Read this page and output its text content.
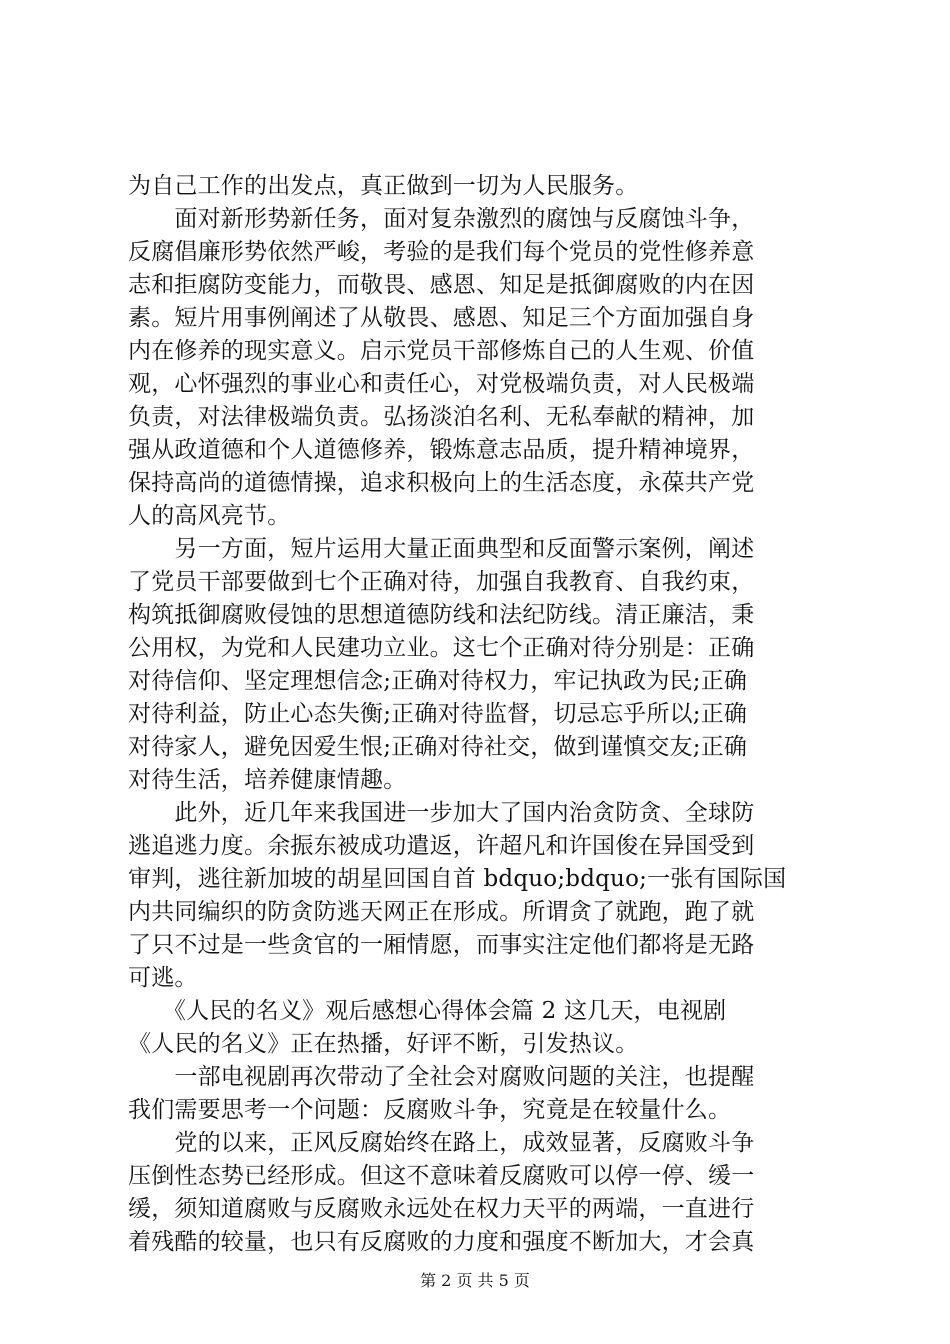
为自己工作的出发点，真正做到一切为人民服务。
　　面对新形势新任务，面对复杂激烈的腐蚀与反腐蚀斗争，
反腐倡廉形势依然严峻，考验的是我们每个党员的党性修养意
志和拒腐防变能力，而敬畏、感恩、知足是抵御腐败的内在因
素。短片用事例阐述了从敬畏、感恩、知足三个方面加强自身
内在修养的现实意义。启示党员干部修炼自己的人生观、价值
观，心怀强烈的事业心和责任心，对党极端负责，对人民极端
负责，对法律极端负责。弘扬淡泊名利、无私奉献的精神，加
强从政道德和个人道德修养，锻炼意志品质，提升精神境界，
保持高尚的道德情操，追求积极向上的生活态度，永葆共产党
人的高风亮节。
　　另一方面，短片运用大量正面典型和反面警示案例，阐述
了党员干部要做到七个正确对待，加强自我教育、自我约束，
构筑抵御腐败侵蚀的思想道德防线和法纪防线。清正廉洁，秉
公用权，为党和人民建功立业。这七个正确对待分别是：正确
对待信仰、坚定理想信念;正确对待权力，牢记执政为民;正确
对待利益，防止心态失衡;正确对待监督，切忌忘乎所以;正确
对待家人，避免因爱生恨;正确对待社交，做到谨慎交友;正确
对待生活，培养健康情趣。
　　此外，近几年来我国进一步加大了国内治贪防贪、全球防
逃追逃力度。余振东被成功遣返，许超凡和许国俊在异国受到
审判，逃往新加坡的胡星回国自首 bdquo;bdquo;一张有国际国
内共同编织的防贪防逃天网正在形成。所谓贪了就跑，跑了就
了只不过是一些贪官的一厢情愿，而事实注定他们都将是无路
可逃。
　　《人民的名义》观后感想心得体会篇 2 这几天，电视剧
《人民的名义》正在热播，好评不断，引发热议。
　　一部电视剧再次带动了全社会对腐败问题的关注，也提醒
我们需要思考一个问题：反腐败斗争，究竟是在较量什么。
　　党的以来，正风反腐始终在路上，成效显著，反腐败斗争
压倒性态势已经形成。但这不意味着反腐败可以停一停、缓一
缓，须知道腐败与反腐败永远处在权力天平的两端，一直进行
着残酷的较量，也只有反腐败的力度和强度不断加大，才会真
第 2 页 共 5 页
